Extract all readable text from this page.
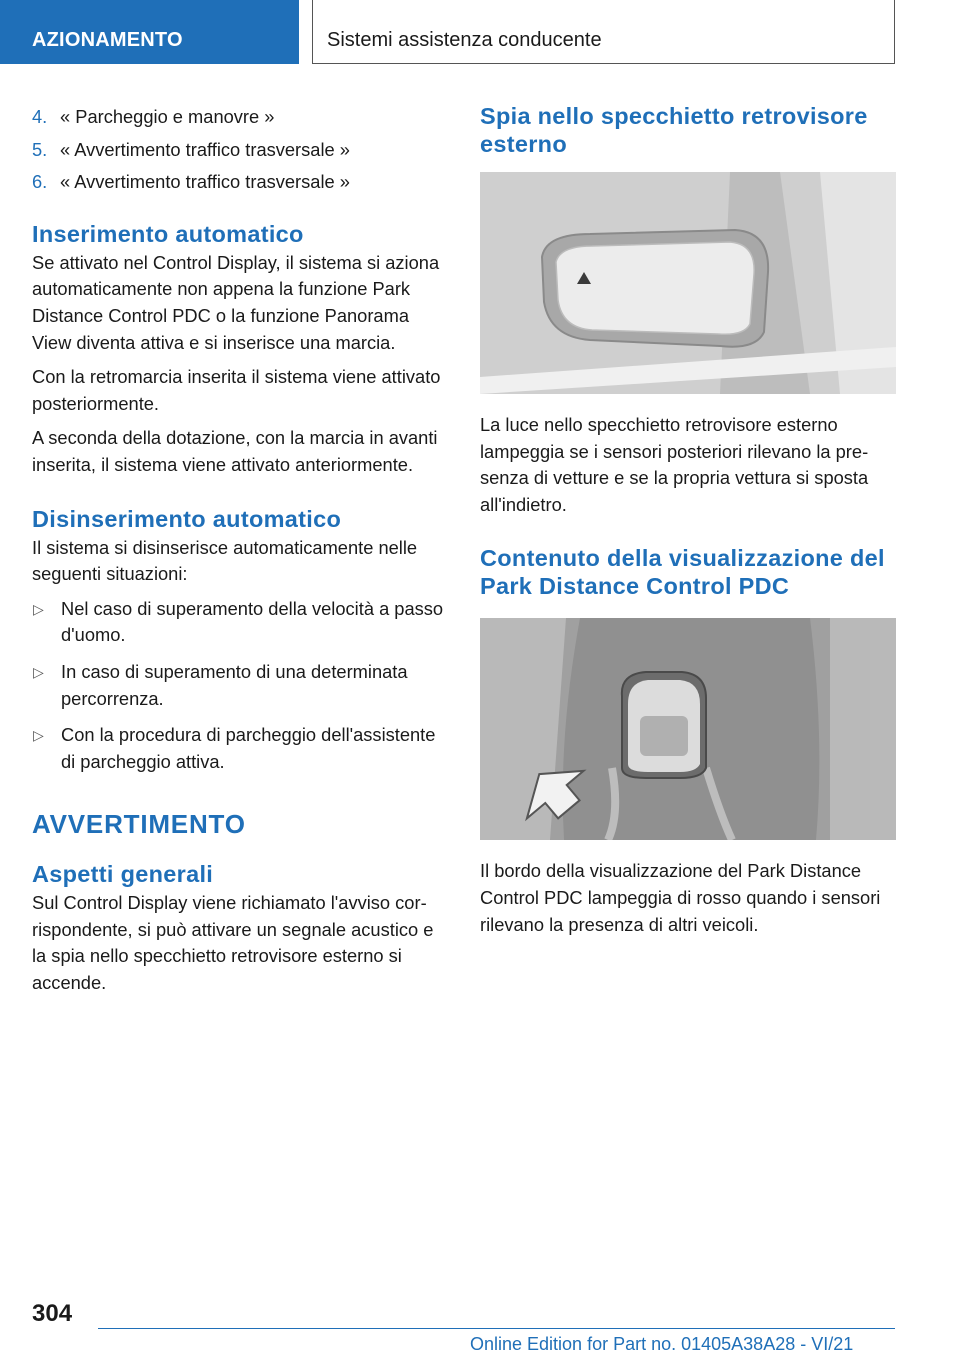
AZIONAMENTO	Sistemi assistenza conducente
4. « Parcheggio e manovre »
5. « Avvertimento traffico trasversale »
6. « Avvertimento traffico trasversale »
Inserimento automatico

Se attivato nel Control Display, il sistema si aziona automaticamente non appena la funzione Park Distance Control PDC o la funzione Panorama View diventa attiva e si inserisce una marcia.

Con la retromarcia inserita il sistema viene attivato posteriormente.

A seconda della dotazione, con la marcia in avanti inserita, il sistema viene attivato anteriormente.

Disinserimento automatico

Il sistema si disinserisce automaticamente nelle seguenti situazioni:

▷ Nel caso di superamento della velocità a passo d'uomo.
▷ In caso di superamento di una determinata percorrenza.
▷ Con la procedura di parcheggio dell'assistente di parcheggio attiva.
AVVERTIMENTO
Aspetti generali

Sul Control Display viene richiamato l'avviso corrispondente, si può attivare un segnale acustico e la spia nello specchietto retrovisore esterno si accende.

Spia nello specchietto retrovisore esterno

La luce nello specchietto retrovisore esterno lampeggia se i sensori posteriori rilevano la presenza di vetture e se la propria vettura si sposta all'indietro.

Contenuto della visualizzazione del Park Distance Control PDC

Il bordo della visualizzazione del Park Distance Control PDC lampeggia di rosso quando i sensori rilevano la presenza di altri veicoli.

304
Online Edition for Part no. 01405A38A28 - VI/21
